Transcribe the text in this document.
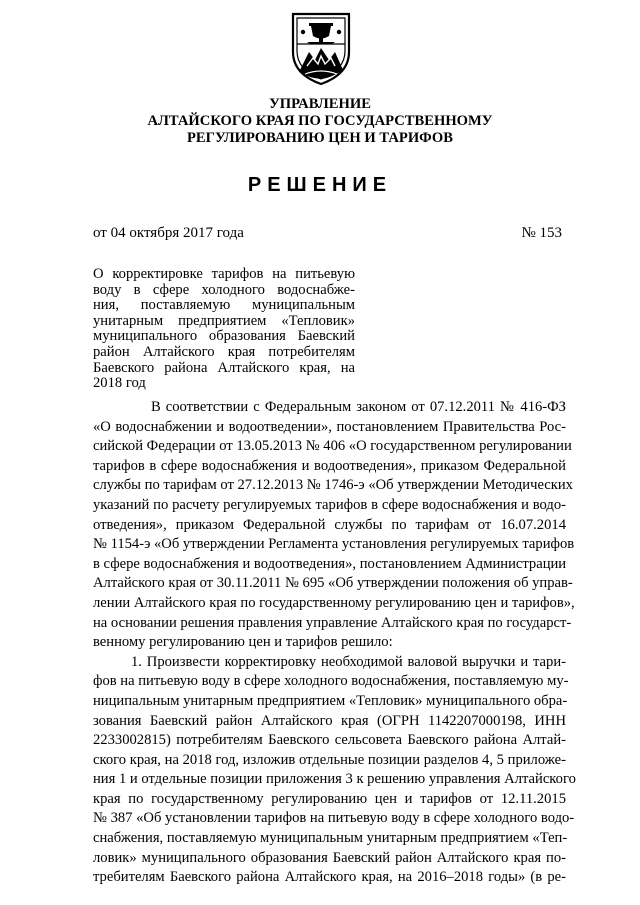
УПРАВЛЕНИЕ
АЛТАЙСКОГО КРАЯ ПО ГОСУДАРСТВЕННОМУ
РЕГУЛИРОВАНИЮ ЦЕН И ТАРИФОВ
РЕШЕНИЕ
от 04 октября 2017 года	№ 153
О корректировке тарифов на питьевую
воду в сфере холодного водоснабже-
ния, поставляемую муниципальным
унитарным предприятием «Тепловик»
муниципального образования Баевский
район Алтайского края потребителям
Баевского района Алтайского края, на
2018 год
В соответствии с Федеральным законом от 07.12.2011 № 416-ФЗ
«О водоснабжении и водоотведении», постановлением Правительства Рос-
сийской Федерации от 13.05.2013 № 406 «О государственном регулировании
тарифов в сфере водоснабжения и водоотведения», приказом Федеральной
службы по тарифам от 27.12.2013 № 1746-э «Об утверждении Методических
указаний по расчету регулируемых тарифов в сфере водоснабжения и водо-
отведения», приказом Федеральной службы по тарифам от 16.07.2014
№ 1154-э «Об утверждении Регламента установления регулируемых тарифов
в сфере водоснабжения и водоотведения», постановлением Администрации
Алтайского края от 30.11.2011 № 695 «Об утверждении положения об управ-
лении Алтайского края по государственному регулированию цен и тарифов»,
на основании решения правления управление Алтайского края по государст-
венному регулированию цен и тарифов решило:
1. Произвести корректировку необходимой валовой выручки и тари-
фов на питьевую воду в сфере холодного водоснабжения, поставляемую му-
ниципальным унитарным предприятием «Тепловик» муниципального обра-
зования Баевский район Алтайского края (ОГРН 1142207000198, ИНН
2233002815) потребителям Баевского сельсовета Баевского района Алтай-
ского края, на 2018 год, изложив отдельные позиции разделов 4, 5 приложе-
ния 1 и отдельные позиции приложения 3 к решению управления Алтайского
края по государственному регулированию цен и тарифов от 12.11.2015
№ 387 «Об установлении тарифов на питьевую воду в сфере холодного водо-
снабжения, поставляемую муниципальным унитарным предприятием «Теп-
ловик» муниципального образования Баевский район Алтайского края по-
требителям Баевского района Алтайского края, на 2016–2018 годы» (в ре-
